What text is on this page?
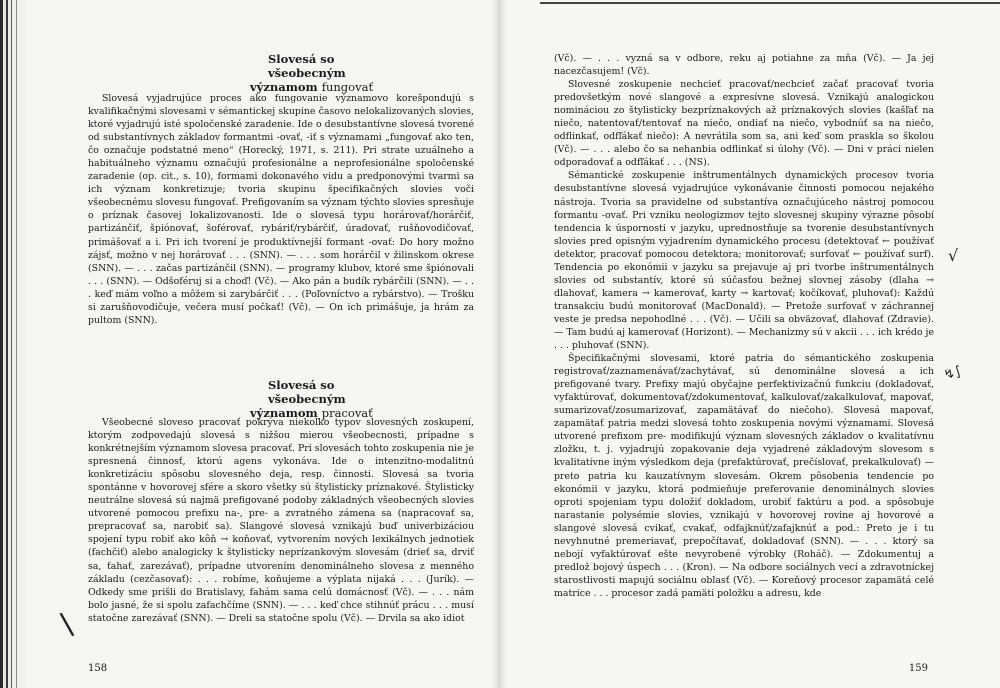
Slovesá so všeobecným
významom fungovať

Slovesá vyjadrujúce proces ako fungovanie významovo korešpondujú s kvalifikačnými slovesami v sémantickej skupine časovo nelokalizovaných slovies, ktoré vyjadrujú isté spoločenské zaradenie. Ide o desubstantívne slovesá tvorené od substantívnych základov formantmi -ovať, -iť s významami „fungovať ako ten, čo označuje podstatné meno“ (Horecký, 1971, s. 211). Pri strate uzuálneho a habituálneho významu označujú profesionálne a neprofesionálne spoločenské zaradenie (op. cit., s. 10), formami dokonavého vidu a predponovými tvarmi sa ich význam konkretizuje; tvoria skupinu špecifikačných slovies voči všeobecnému slovesu fungovať. Prefigovaním sa význam týchto slovies spresňuje o príznak časovej lokalizovanosti. Ide o slovesá typu horárovať/horárčiť, partizánčiť, špiónovať, šoférovať, rybáriť/rybárčiť, úradovať, rušňovodičovať, primášovať a i. Pri ich tvorení je produktívnejší formant -ovať: Do hory možno zájsť, možno v nej horárovať . . . (SNN). — . . . som horárčil v žilinskom okrese (SNN). — . . . začas partizánčil (SNN). — programy klubov, ktoré sme špiónovali . . . (SNN). — Odšoféruj si a choď! (Vč). — Ako pán a budík rybárčili (SNN). — . . . keď mám voľno a môžem si zarybárčiť . . . (Poľovníctvo a rybárstvo). — Trošku si zarušňovodičuje, večera musí počkať! (Vč). — On ich primášuje, ja hrám za pultom (SNN).

Slovesá so všeobecným
významom pracovať

Všeobecné sloveso pracovať pokrýva niekoľko typov slovesných zoskupení, ktorým zodpovedajú slovesá s nižšou mierou všeobecnosti, prípadne s konkrétnejším významom slovesa pracovať. Pri slovesách tohto zoskupenia nie je spresnená činnosť, ktorú agens vykonáva. Ide o intenzitno-modalitnú konkretizáciu spôsobu slovesného deja, resp. činnosti. Slovesá sa tvoria spontánne v hovorovej sfére a skoro všetky sú štylisticky príznakové. Štylisticky neutrálne slovesá sú najmä prefigované podoby základných všeobecných slovies utvorené pomocou prefixu na-, pre- a zvratného zámena sa (napracovať sa, prepracovať sa, narobiť sa). Slangové slovesá vznikajú buď univerbizáciou spojení typu robiť ako kôň → koňovať, vytvorením nových lexikálnych jednotiek (fachčiť) alebo analogicky k štylisticky neprízankovým slovesám (drieť sa, drviť sa, ťahať, zarezávať), prípadne utvorením denominálneho slovesa z menného základu (cezčasovať): . . . robíme, koňujeme a výplata nijaká . . . (Jurík). — Odkedy sme prišli do Bratislavy, fahám sama celú domácnosť (Vč). — . . . nám bolo jasné, že si spolu zafachčíme (SNN). — . . . keď chce stihnúť prácu . . . musí statočne zarezávať (SNN). — Dreli sa statočne spolu (Vč). — Drvila sa ako idiot

158
\

(Vč). — . . . vyzná sa v odbore, reku aj potiahne za mňa (Vč). — Ja jej nacezčasujem! (Vč).

Slovesné zoskupenie nechcieť pracovať/nechcieť začať pracovať tvoria predovšetkým nové slangové a expresívne slovesá. Vznikajú analogickou nomináciou zo štylisticky bezpríznakových až príznakových slovies (kašľať na niečo, natentovať/tentovať na niečo, ondiať na niečo, vybodnúť sa na niečo, odflinkať, odfľákať niečo): A nevrátila som sa, ani keď som praskla so školou (Vč). — . . . alebo čo sa nehanbia odflinkať si úlohy (Vč). — Dni v práci nielen odporadovať a odfľákať . . . (NS).

Sémantické zoskupenie inštrumentálnych dynamických procesov tvoria desubstantívne slovesá vyjadrujúce vykonávanie činnosti pomocou nejakého nástroja. Tvoria sa pravidelne od substantíva označujúceho nástroj pomocou formantu -ovať. Pri vzniku neologizmov tejto slovesnej skupiny výrazne pôsobí tendencia k úspornosti v jazyku, uprednostňuje sa tvorenie desubstantívnych slovies pred opisným vyjadrením dynamického procesu (detektovať ← používať detektor, pracovať pomocou detektora; monitorovať; surfovať ← používať surf). Tendencia po ekonómii v jazyku sa prejavuje aj pri tvorbe inštrumentálnych slovies od substantív, ktoré sú súčasťou bežnej slovnej zásoby (dlaha → dlahovať, kamera → kamerovať, karty → kartovať; kočíkovať, pluhovať): Každú transakciu budú monitorovať (MacDonald). — Pretože surfovať v záchrannej veste je predsa nepohodlné . . . (Vč). — Učili sa obväzovať, dlahovať (Zdravie). — Tam budú aj kamerovať (Horizont). — Mechanizmy sú v akcii . . . ich krédo je . . . pluhovať (SNN).

Špecifikačnými slovesami, ktoré patria do sémantického zoskupenia registrovať/zaznamenávať/zachytávať, sú denominálne slovesá a ich prefigované tvary. Prefixy majú obyčajne perfektivizačnú funkciu (dokladovať, vyfaktúrovať, dokumentovať/zdokumentovať, kalkulovať/zakalkulovať, mapovať, sumarizovať/zosumarizovať, zapamätávať do niečoho). Slovesá mapovať, zapamätať patria medzi slovesá tohto zoskupenia novými významami. Slovesá utvorené prefixom pre- modifikujú význam slovesných základov o kvalitatívnu zložku, t. j. vyjadrujú zopakovanie deja vyjadrené základovým slovesom s kvalitatívne iným výsledkom deja (prefaktúrovať, prečíslovať, prekalkulovať) — preto patria ku kauzatívnym slovesám. Okrem pôsobenia tendencie po ekonómii v jazyku, ktorá podmieňuje preferovanie denominálnych slovies oproti spojeniam typu doložiť dokladom, urobiť faktúru a pod. a spôsobuje narastanie polysémie slovies, vznikajú v hovorovej rovine aj hovorové a slangové slovesá cvikať, cvakať, odfajknúť/zafajknúť a pod.: Preto je i tu nevyhnutné premeriavať, prepočítavať, dokladovať (SNN). — . . . ktorý sa nebojí vyfaktúrovať ešte nevyrobené výrobky (Roháč). — Zdokumentuj a predlož bojový úspech . . . (Kron). — Na odbore sociálnych vecí a zdravotníckej starostlivosti mapujú sociálnu oblasť (Vč). — Koreňový procesor zapamätá celé matrice . . . procesor zadá pamäti položku a adresu, kde

159
√
↯∫
